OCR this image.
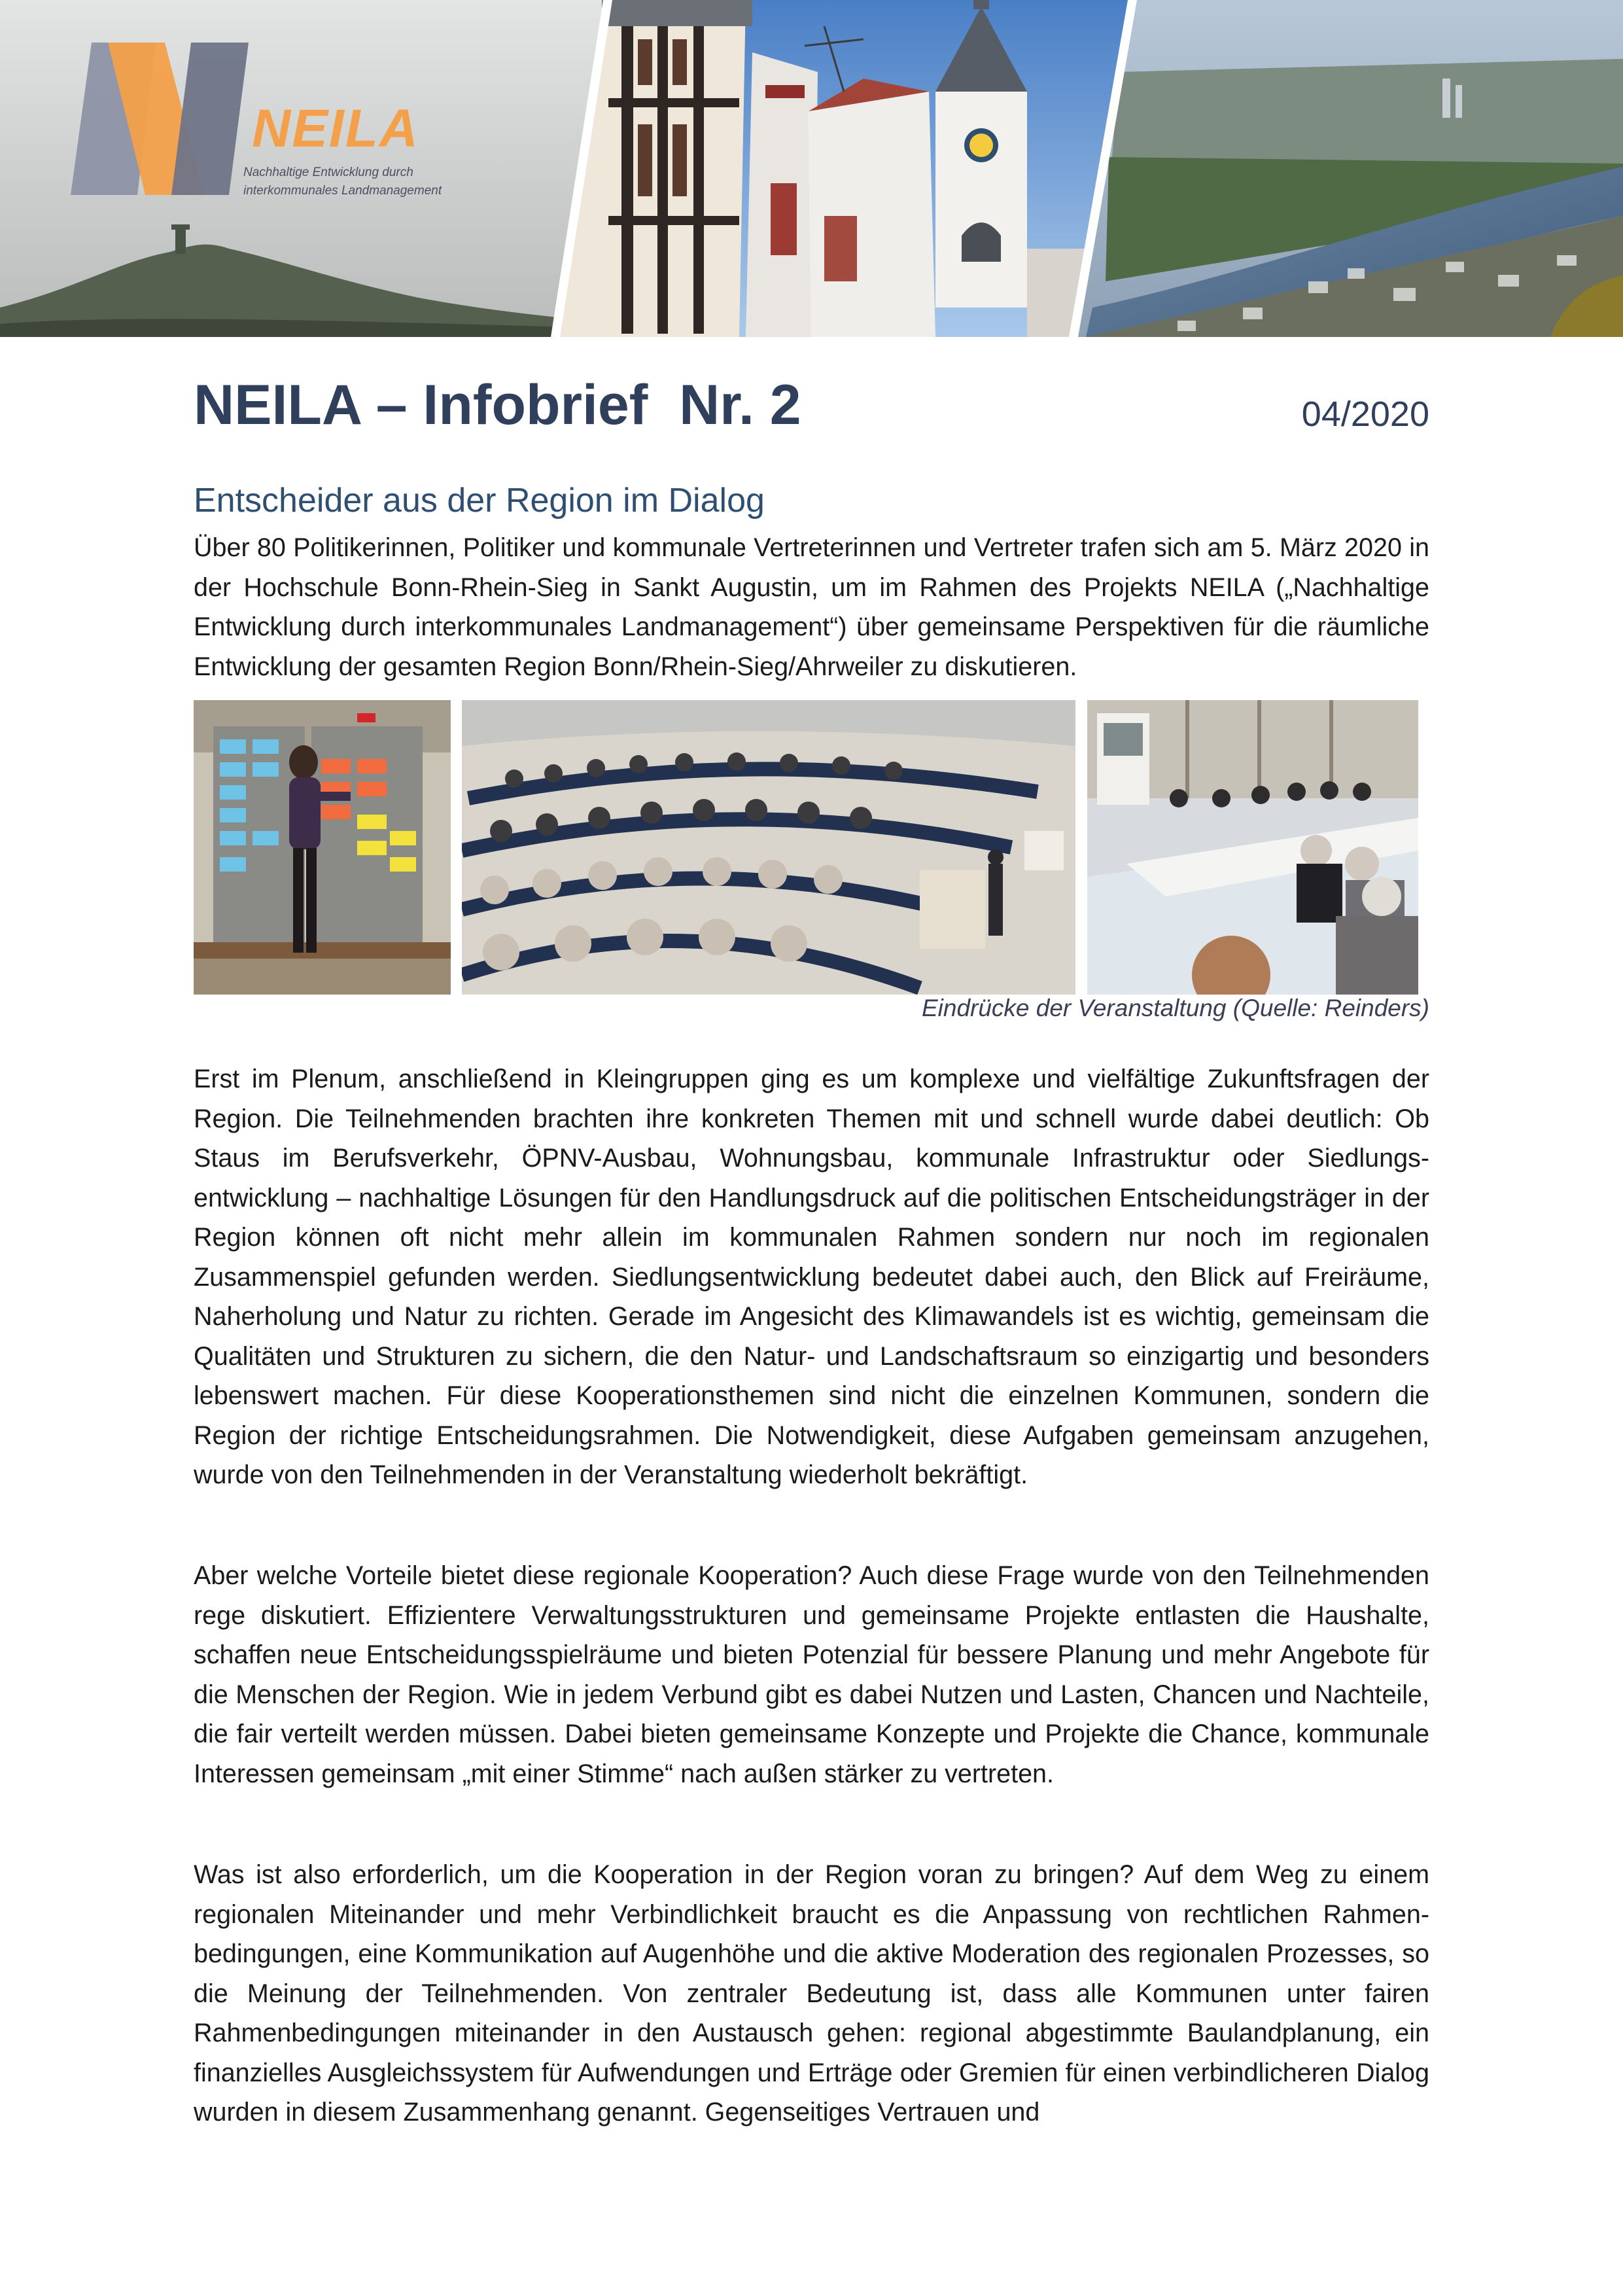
NEILA
Nachhaltige Entwicklung durch interkommunales Landmanagement
NEILA – Infobrief  Nr. 2	04/2020
Entscheider aus der Region im Dialog
Über 80 Politikerinnen, Politiker und kommunale Vertreterinnen und Vertreter trafen sich am 5. März 2020 in der Hochschule Bonn-Rhein-Sieg in Sankt Augustin, um im Rahmen des Projekts NEILA („Nachhaltige Entwicklung durch interkommunales Landmanagement“) über gemeinsame Perspektiven für die räumliche Entwicklung der gesamten Region Bonn/Rhein-Sieg/Ahrweiler zu diskutieren.
Eindrücke der Veranstaltung (Quelle: Reinders)
Erst im Plenum, anschließend in Kleingruppen ging es um komplexe und vielfältige Zukunftsfragen der Region. Die Teilnehmenden brachten ihre konkreten Themen mit und schnell wurde dabei deutlich: Ob Staus im Berufsverkehr, ÖPNV-Ausbau, Wohnungsbau, kommunale Infrastruktur oder Siedlungsentwicklung – nachhaltige Lösungen für den Handlungsdruck auf die politischen Entscheidungsträger in der Region können oft nicht mehr allein im kommunalen Rahmen sondern nur noch im regionalen Zusammenspiel gefunden werden. Siedlungsentwicklung bedeutet dabei auch, den Blick auf Freiräume, Naherholung und Natur zu richten. Gerade im Angesicht des Klimawandels ist es wichtig, gemeinsam die Qualitäten und Strukturen zu sichern, die den Natur- und Landschaftsraum so einzigartig und besonders lebenswert machen. Für diese Kooperationsthemen sind nicht die einzelnen Kommunen, sondern die Region der richtige Entscheidungsrahmen. Die Notwendigkeit, diese Aufgaben gemeinsam anzugehen, wurde von den Teilnehmenden in der Veranstaltung wiederholt bekräftigt.
Aber welche Vorteile bietet diese regionale Kooperation? Auch diese Frage wurde von den Teilnehmenden rege diskutiert. Effizientere Verwaltungsstrukturen und gemeinsame Projekte entlasten die Haushalte, schaffen neue Entscheidungsspielräume und bieten Potenzial für bessere Planung und mehr Angebote für die Menschen der Region. Wie in jedem Verbund gibt es dabei Nutzen und Lasten, Chancen und Nachteile, die fair verteilt werden müssen. Dabei bieten gemeinsame Konzepte und Projekte die Chance, kommunale Interessen gemeinsam „mit einer Stimme“ nach außen stärker zu vertreten.
Was ist also erforderlich, um die Kooperation in der Region voran zu bringen? Auf dem Weg zu einem regionalen Miteinander und mehr Verbindlichkeit braucht es die Anpassung von rechtlichen Rahmenbedingungen, eine Kommunikation auf Augenhöhe und die aktive Moderation des regionalen Prozesses, so die Meinung der Teilnehmenden. Von zentraler Bedeutung ist, dass alle Kommunen unter fairen Rahmenbedingungen miteinander in den Austausch gehen: regional abgestimmte Baulandplanung, ein finanzielles Ausgleichssystem für Aufwendungen und Erträge oder Gremien für einen verbindlicheren Dialog wurden in diesem Zusammenhang genannt. Gegenseitiges Vertrauen und
